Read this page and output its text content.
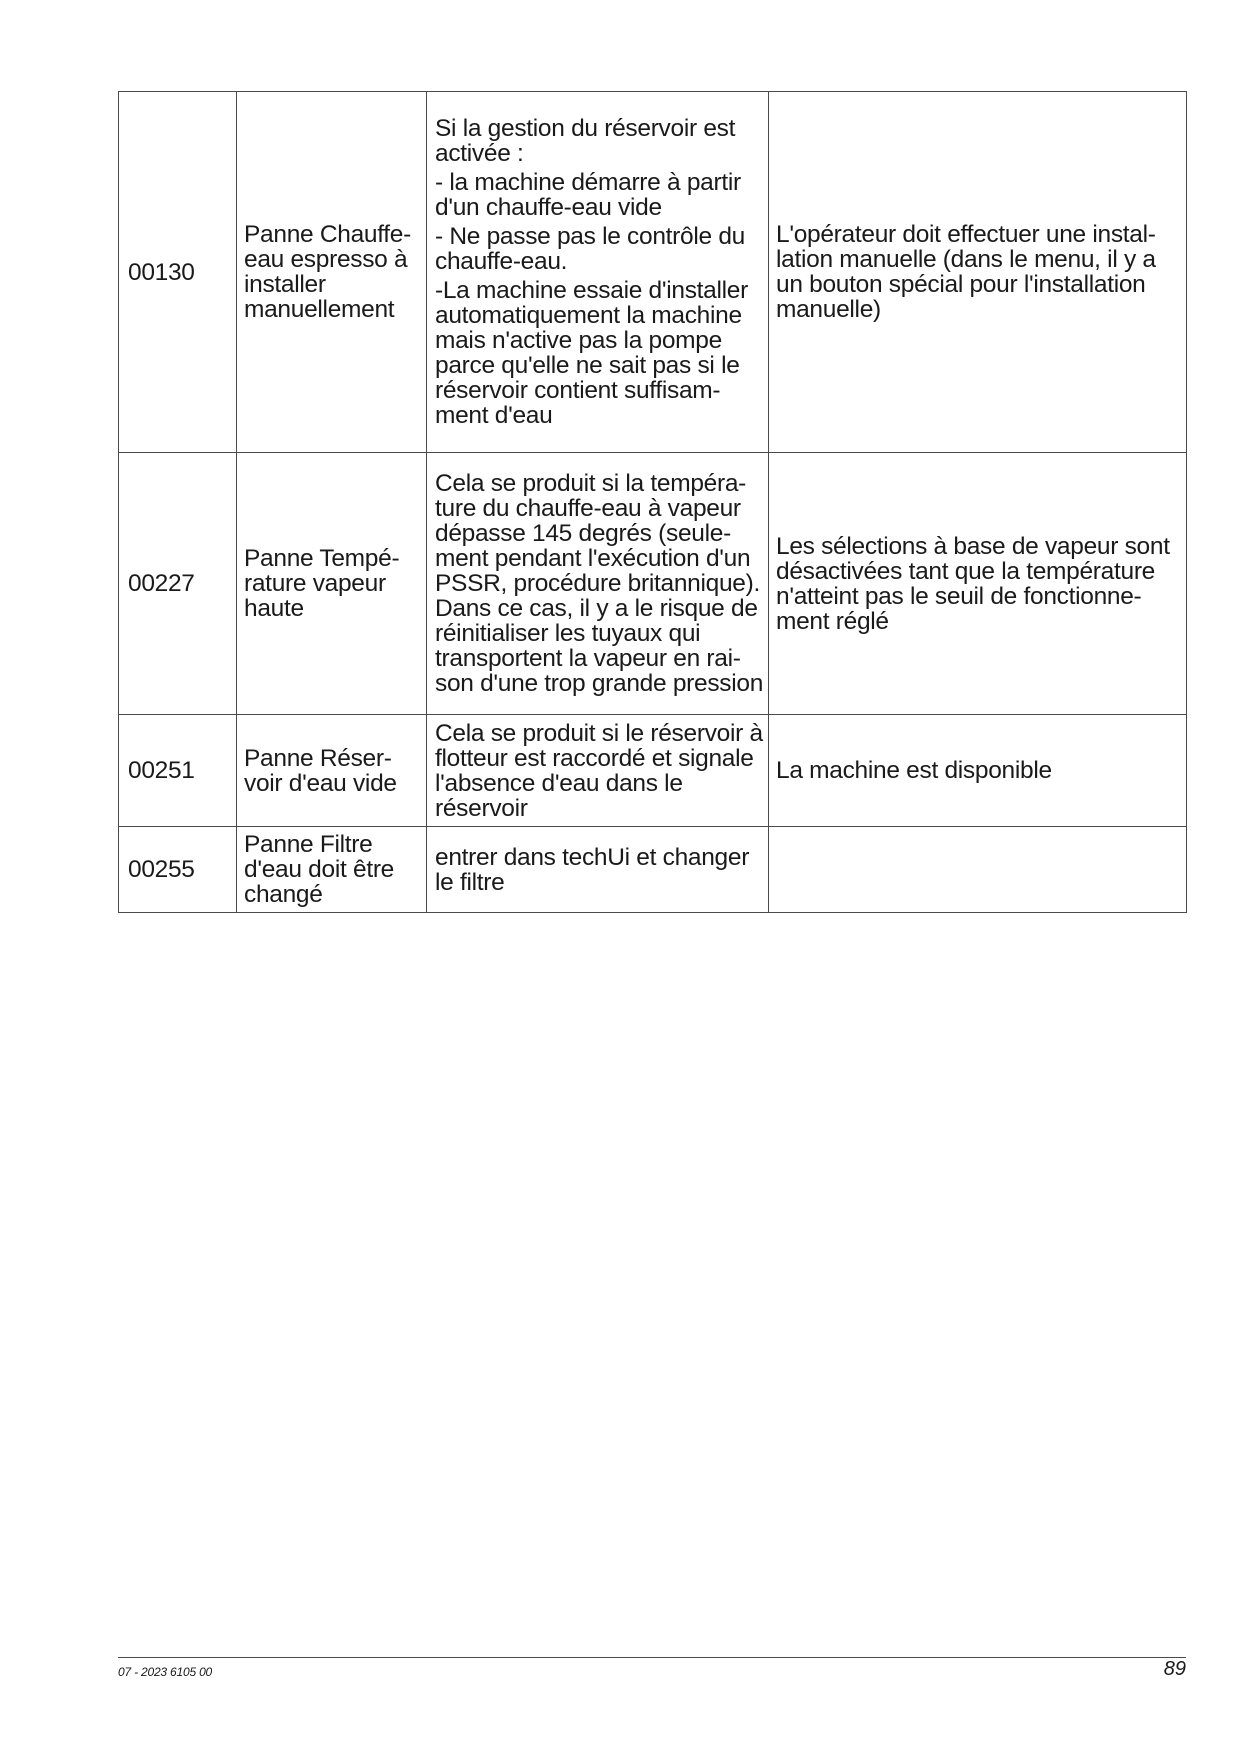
00130	Panne Chauffe-eau espresso à installer manuellement	Si la gestion du réservoir est activée :
- la machine démarre à partir d'un chauffe-eau vide
- Ne passe pas le contrôle du chauffe-eau.
-La machine essaie d'installer automatiquement la machine mais n'active pas la pompe parce qu'elle ne sait pas si le réservoir contient suffisam-ment d'eau	L'opérateur doit effectuer une instal-lation manuelle (dans le menu, il y a un bouton spécial pour l'installation manuelle)
00227	Panne Tempé-rature vapeur haute	Cela se produit si la tempéra-ture du chauffe-eau à vapeur dépasse 145 degrés (seule-ment pendant l'exécution d'un PSSR, procédure britannique). Dans ce cas, il y a le risque de réinitialiser les tuyaux qui transportent la vapeur en rai-son d'une trop grande pression	Les sélections à base de vapeur sont désactivées tant que la température n'atteint pas le seuil de fonctionne-ment réglé
00251	Panne Réser-voir d'eau vide	Cela se produit si le réservoir à flotteur est raccordé et signale l'absence d'eau dans le réservoir	La machine est disponible
00255	Panne Filtre d'eau doit être changé	entrer dans techUi et changer le filtre	

07 - 2023 6105 00	89
